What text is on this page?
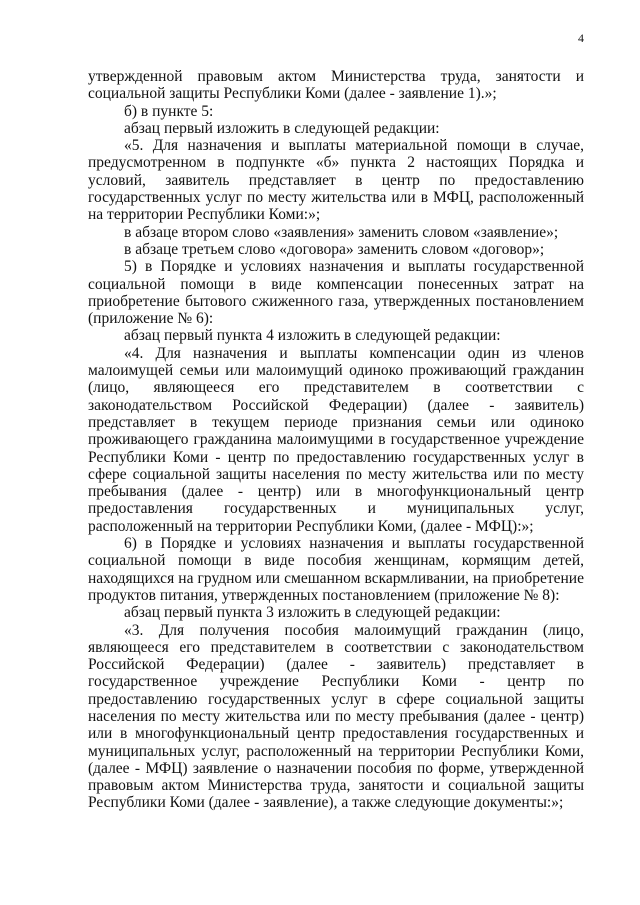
4

утвержденной правовым актом Министерства труда, занятости и социальной защиты Республики Коми (далее - заявление 1).»;

б) в пункте 5:

абзац первый изложить в следующей редакции:

«5. Для назначения и выплаты материальной помощи в случае, предусмотренном в подпункте «б» пункта 2 настоящих Порядка и условий, заявитель представляет в центр по предоставлению государственных услуг по месту жительства или в МФЦ, расположенный на территории Республики Коми:»;

в абзаце втором слово «заявления» заменить словом «заявление»;

в абзаце третьем слово «договора» заменить словом «договор»;

5) в Порядке и условиях назначения и выплаты государственной социальной помощи в виде компенсации понесенных затрат на приобретение бытового сжиженного газа, утвержденных постановлением (приложение № 6):

абзац первый пункта 4 изложить в следующей редакции:

«4. Для назначения и выплаты компенсации один из членов малоимущей семьи или малоимущий одиноко проживающий гражданин (лицо, являющееся его представителем в соответствии с законодательством Российской Федерации) (далее - заявитель) представляет в текущем периоде признания семьи или одиноко проживающего гражданина малоимущими в государственное учреждение Республики Коми - центр по предоставлению государственных услуг в сфере социальной защиты населения по месту жительства или по месту пребывания (далее - центр) или в многофункциональный центр предоставления государственных и муниципальных услуг, расположенный на территории Республики Коми, (далее - МФЦ):»;

6) в Порядке и условиях назначения и выплаты государственной социальной помощи в виде пособия женщинам, кормящим детей, находящихся на грудном или смешанном вскармливании, на приобретение продуктов питания, утвержденных постановлением (приложение № 8):

абзац первый пункта 3 изложить в следующей редакции:

«3. Для получения пособия малоимущий гражданин (лицо, являющееся его представителем в соответствии с законодательством Российской Федерации) (далее - заявитель) представляет в государственное учреждение Республики Коми - центр по предоставлению государственных услуг в сфере социальной защиты населения по месту жительства или по месту пребывания (далее - центр) или в многофункциональный центр предоставления государственных и муниципальных услуг, расположенный на территории Республики Коми, (далее - МФЦ) заявление о назначении пособия по форме, утвержденной правовым актом Министерства труда, занятости и социальной защиты Республики Коми (далее - заявление), а также следующие документы:»;
